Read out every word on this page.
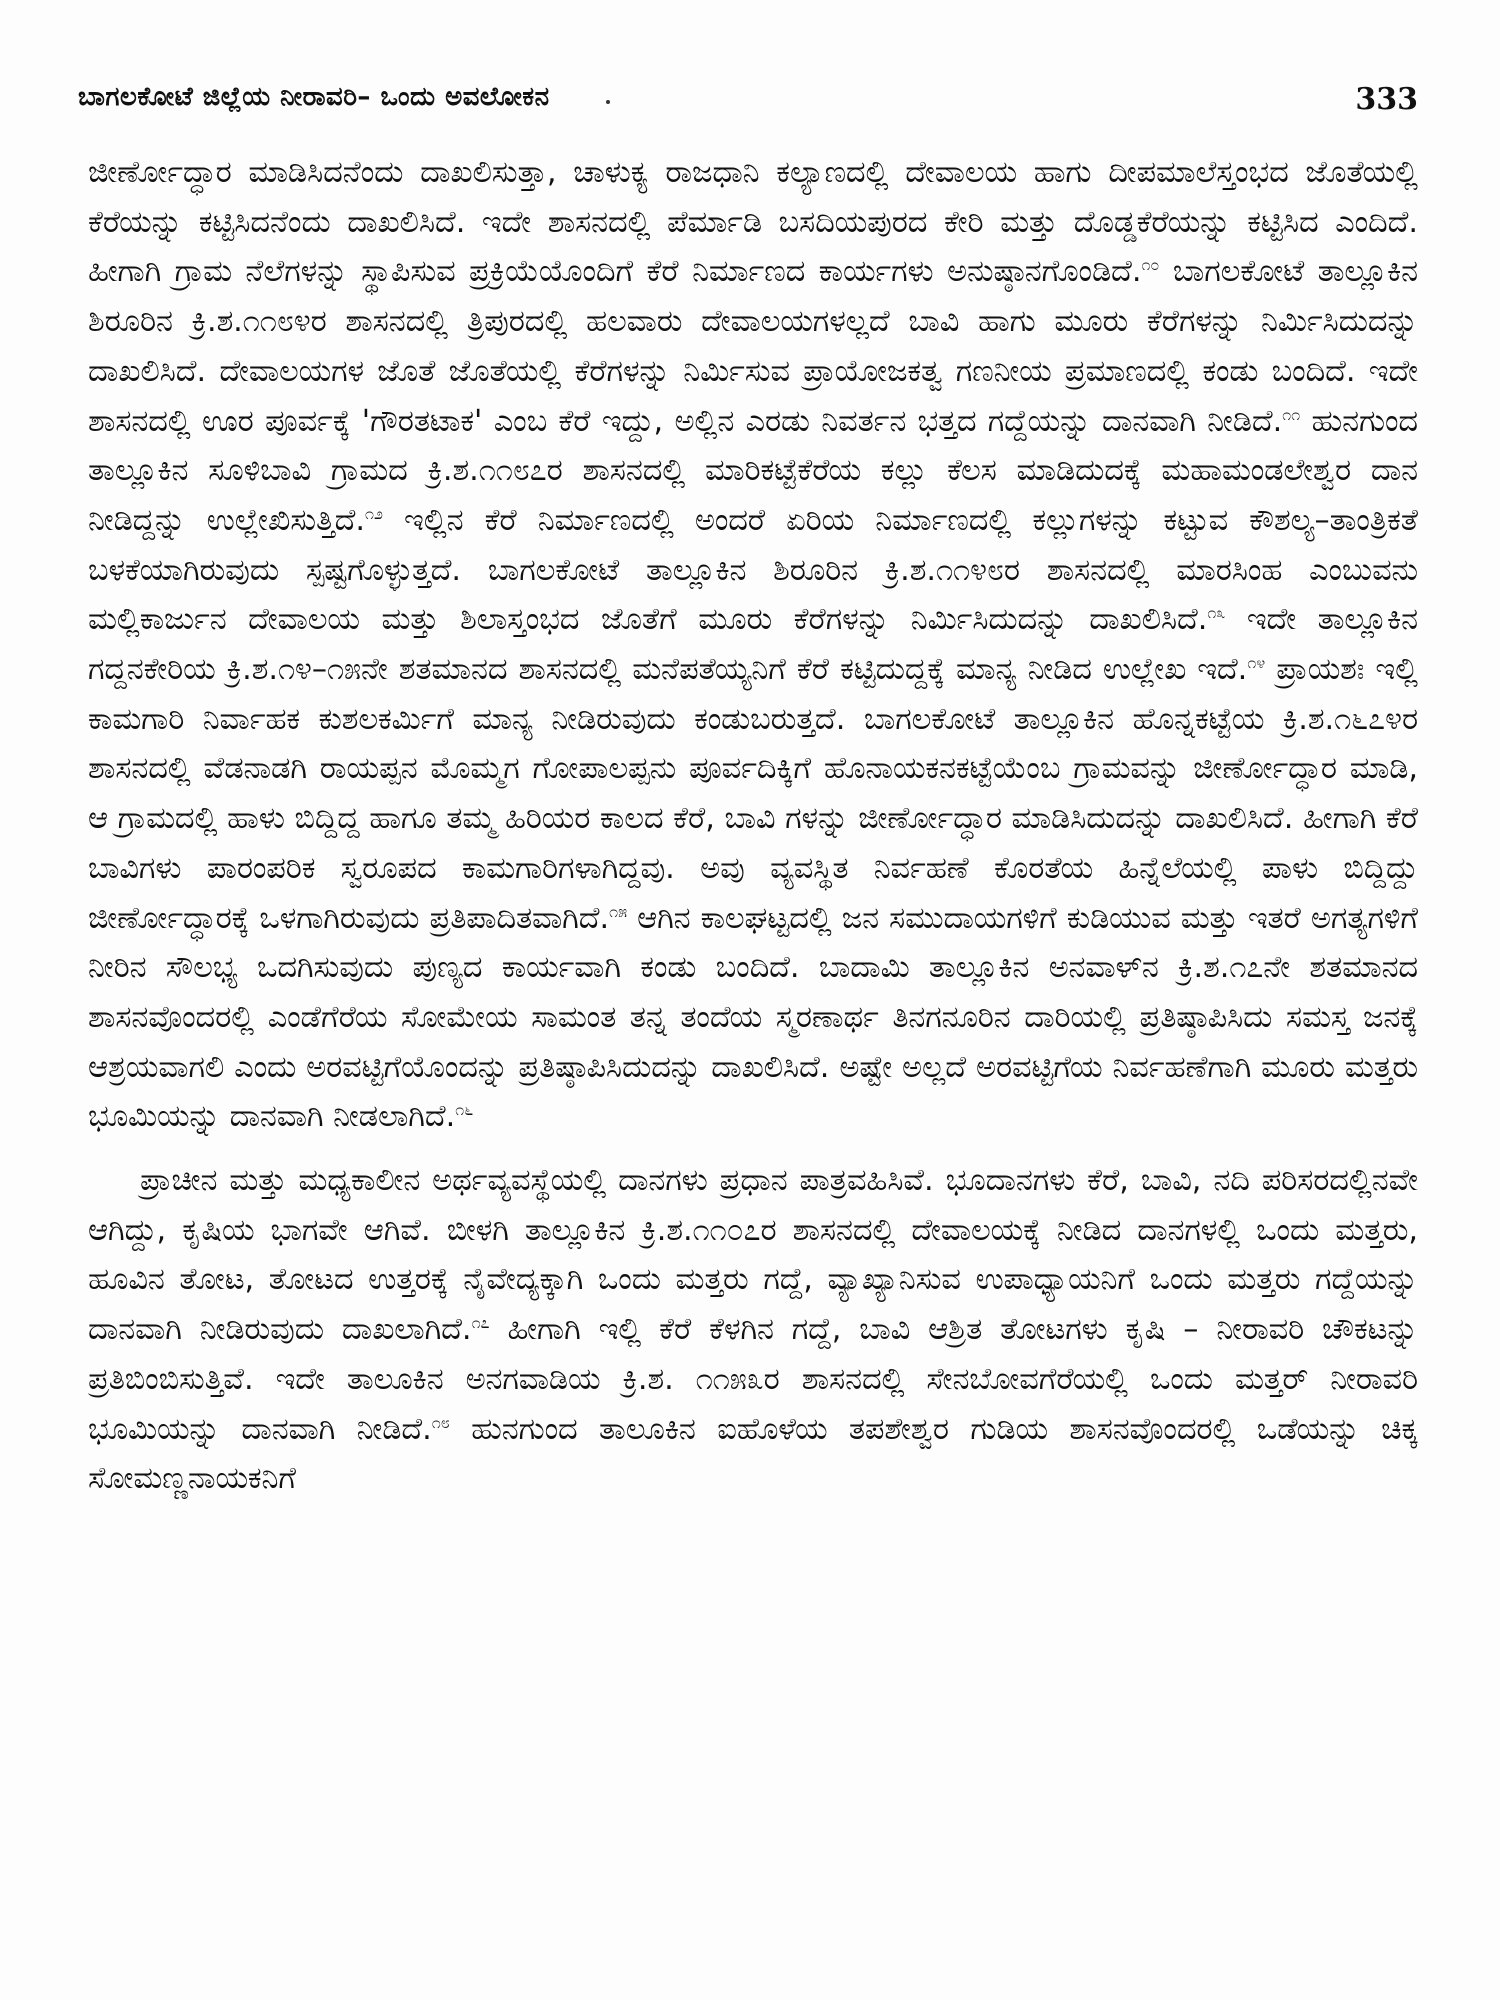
ಬಾಗಲಕೋಟೆ ಜಿಲ್ಲೆಯ ನೀರಾವರಿ– ಒಂದು ಅವಲೋಕನ	333

ಜೀರ್ಣೋದ್ಧಾರ ಮಾಡಿಸಿದನೆಂದು ದಾಖಲಿಸುತ್ತಾ, ಚಾಳುಕ್ಯ ರಾಜಧಾನಿ ಕಲ್ಯಾಣದಲ್ಲಿ ದೇವಾಲಯ ಹಾಗು ದೀಪಮಾಲೆಸ್ತಂಭದ ಜೊತೆಯಲ್ಲಿ ಕೆರೆಯನ್ನು ಕಟ್ಟಿಸಿದನೆಂದು ದಾಖಲಿಸಿದೆ. ಇದೇ ಶಾಸನದಲ್ಲಿ ಪೆರ್ಮಾಡಿ ಬಸದಿಯಪುರದ ಕೇರಿ ಮತ್ತು ದೊಡ್ಡಕೆರೆಯನ್ನು ಕಟ್ಟಿಸಿದ ಎಂದಿದೆ. ಹೀಗಾಗಿ ಗ್ರಾಮ ನೆಲೆಗಳನ್ನು ಸ್ಥಾಪಿಸುವ ಪ್ರಕ್ರಿಯೆಯೊಂದಿಗೆ ಕೆರೆ ನಿರ್ಮಾಣದ ಕಾರ್ಯಗಳು ಅನುಷ್ಠಾನಗೊಂಡಿದೆ.$^{೧೦}$ ಬಾಗಲಕೋಟೆ ತಾಲ್ಲೂಕಿನ ಶಿರೂರಿನ ಕ್ರಿ.ಶ.೧೧೮೪ರ ಶಾಸನದಲ್ಲಿ ತ್ರಿಪುರದಲ್ಲಿ ಹಲವಾರು ದೇವಾಲಯಗಳಲ್ಲದೆ ಬಾವಿ ಹಾಗು ಮೂರು ಕೆರೆಗಳನ್ನು ನಿರ್ಮಿಸಿದುದನ್ನು ದಾಖಲಿಸಿದೆ. ದೇವಾಲಯಗಳ ಜೊತೆ ಜೊತೆಯಲ್ಲಿ ಕೆರೆಗಳನ್ನು ನಿರ್ಮಿಸುವ ಪ್ರಾಯೋಜಕತ್ವ ಗಣನೀಯ ಪ್ರಮಾಣದಲ್ಲಿ ಕಂಡು ಬಂದಿದೆ. ಇದೇ ಶಾಸನದಲ್ಲಿ ಊರ ಪೂರ್ವಕ್ಕೆ 'ಗೌರತಟಾಕ' ಎಂಬ ಕೆರೆ ಇದ್ದು, ಅಲ್ಲಿನ ಎರಡು ನಿವರ್ತನ ಭತ್ತದ ಗದ್ದೆಯನ್ನು ದಾನವಾಗಿ ನೀಡಿದೆ.$^{೧೧}$ ಹುನಗುಂದ ತಾಲ್ಲೂಕಿನ ಸೂಳಿಬಾವಿ ಗ್ರಾಮದ ಕ್ರಿ.ಶ.೧೧೮೭ರ ಶಾಸನದಲ್ಲಿ ಮಾರಿಕಟ್ಟೆಕೆರೆಯ ಕಲ್ಲು ಕೆಲಸ ಮಾಡಿದುದಕ್ಕೆ ಮಹಾಮಂಡಲೇಶ್ವರ ದಾನ ನೀಡಿದ್ದನ್ನು ಉಲ್ಲೇಖಿಸುತ್ತಿದೆ.$^{೧೨}$ ಇಲ್ಲಿನ ಕೆರೆ ನಿರ್ಮಾಣದಲ್ಲಿ ಅಂದರೆ ಏರಿಯ ನಿರ್ಮಾಣದಲ್ಲಿ ಕಲ್ಲುಗಳನ್ನು ಕಟ್ಟುವ ಕೌಶಲ್ಯ–ತಾಂತ್ರಿಕತೆ ಬಳಕೆಯಾಗಿರುವುದು ಸ್ಪಷ್ಟಗೊಳ್ಳುತ್ತದೆ. ಬಾಗಲಕೋಟೆ ತಾಲ್ಲೂಕಿನ ಶಿರೂರಿನ ಕ್ರಿ.ಶ.೧೧೪೮ರ ಶಾಸನದಲ್ಲಿ ಮಾರಸಿಂಹ ಎಂಬುವನು ಮಲ್ಲಿಕಾರ್ಜುನ ದೇವಾಲಯ ಮತ್ತು ಶಿಲಾಸ್ತಂಭದ ಜೊತೆಗೆ ಮೂರು ಕೆರೆಗಳನ್ನು ನಿರ್ಮಿಸಿದುದನ್ನು ದಾಖಲಿಸಿದೆ.$^{೧೩}$ ಇದೇ ತಾಲ್ಲೂಕಿನ ಗದ್ದನಕೇರಿಯ ಕ್ರಿ.ಶ.೧೪–೧೫ನೇ ಶತಮಾನದ ಶಾಸನದಲ್ಲಿ ಮನೆಪತೆಯ್ಯನಿಗೆ ಕೆರೆ ಕಟ್ಟಿದುದ್ದಕ್ಕೆ ಮಾನ್ಯ ನೀಡಿದ ಉಲ್ಲೇಖ ಇದೆ.$^{೧೪}$ ಪ್ರಾಯಶಃ ಇಲ್ಲಿ ಕಾಮಗಾರಿ ನಿರ್ವಾಹಕ ಕುಶಲಕರ್ಮಿಗೆ ಮಾನ್ಯ ನೀಡಿರುವುದು ಕಂಡುಬರುತ್ತದೆ. ಬಾಗಲಕೋಟೆ ತಾಲ್ಲೂಕಿನ ಹೊನ್ನಕಟ್ಟೆಯ ಕ್ರಿ.ಶ.೧೬೭೪ರ ಶಾಸನದಲ್ಲಿ ವೆಡನಾಡಗಿ ರಾಯಪ್ಪನ ಮೊಮ್ಮಗ ಗೋಪಾಲಪ್ಪನು ಪೂರ್ವದಿಕ್ಕಿಗೆ ಹೊನಾಯಕನಕಟ್ಟೆಯೆಂಬ ಗ್ರಾಮವನ್ನು ಜೀರ್ಣೋದ್ಧಾರ ಮಾಡಿ, ಆ ಗ್ರಾಮದಲ್ಲಿ ಹಾಳು ಬಿದ್ದಿದ್ದ ಹಾಗೂ ತಮ್ಮ ಹಿರಿಯರ ಕಾಲದ ಕೆರೆ, ಬಾವಿ ಗಳನ್ನು ಜೀರ್ಣೋದ್ಧಾರ ಮಾಡಿಸಿದುದನ್ನು ದಾಖಲಿಸಿದೆ. ಹೀಗಾಗಿ ಕೆರೆ ಬಾವಿಗಳು ಪಾರಂಪರಿಕ ಸ್ವರೂಪದ ಕಾಮಗಾರಿಗಳಾಗಿದ್ದವು. ಅವು ವ್ಯವಸ್ಥಿತ ನಿರ್ವಹಣೆ ಕೊರತೆಯ ಹಿನ್ನೆಲೆಯಲ್ಲಿ ಪಾಳು ಬಿದ್ದಿದ್ದು ಜೀರ್ಣೋದ್ಧಾರಕ್ಕೆ ಒಳಗಾಗಿರುವುದು ಪ್ರತಿಪಾದಿತವಾಗಿದೆ.$^{೧೫}$ ಆಗಿನ ಕಾಲಘಟ್ಟದಲ್ಲಿ ಜನ ಸಮುದಾಯಗಳಿಗೆ ಕುಡಿಯುವ ಮತ್ತು ಇತರೆ ಅಗತ್ಯಗಳಿಗೆ ನೀರಿನ ಸೌಲಭ್ಯ ಒದಗಿಸುವುದು ಪುಣ್ಯದ ಕಾರ್ಯವಾಗಿ ಕಂಡು ಬಂದಿದೆ. ಬಾದಾಮಿ ತಾಲ್ಲೂಕಿನ ಅನವಾಳ್‌ನ ಕ್ರಿ.ಶ.೧೭ನೇ ಶತಮಾನದ ಶಾಸನವೊಂದರಲ್ಲಿ ಎಂಡೆಗೆರೆಯ ಸೋಮೇಯ ಸಾಮಂತ ತನ್ನ ತಂದೆಯ ಸ್ಮರಣಾರ್ಥ ತಿನಗನೂರಿನ ದಾರಿಯಲ್ಲಿ ಪ್ರತಿಷ್ಠಾಪಿಸಿದು ಸಮಸ್ತ ಜನಕ್ಕೆ ಆಶ್ರಯವಾಗಲಿ ಎಂದು ಅರವಟ್ಟಿಗೆಯೊಂದನ್ನು ಪ್ರತಿಷ್ಠಾಪಿಸಿದುದನ್ನು ದಾಖಲಿಸಿದೆ. ಅಷ್ಟೇ ಅಲ್ಲದೆ ಅರವಟ್ಟಿಗೆಯ ನಿರ್ವಹಣೆಗಾಗಿ ಮೂರು ಮತ್ತರು ಭೂಮಿಯನ್ನು ದಾನವಾಗಿ ನೀಡಲಾಗಿದೆ.$^{೧೬}$

ಪ್ರಾಚೀನ ಮತ್ತು ಮಧ್ಯಕಾಲೀನ ಅರ್ಥವ್ಯವಸ್ಥೆಯಲ್ಲಿ ದಾನಗಳು ಪ್ರಧಾನ ಪಾತ್ರವಹಿಸಿವೆ. ಭೂದಾನಗಳು ಕೆರೆ, ಬಾವಿ, ನದಿ ಪರಿಸರದಲ್ಲಿನವೇ ಆಗಿದ್ದು, ಕೃಷಿಯ ಭಾಗವೇ ಆಗಿವೆ. ಬೀಳಗಿ ತಾಲ್ಲೂಕಿನ ಕ್ರಿ.ಶ.೧೧೦೭ರ ಶಾಸನದಲ್ಲಿ ದೇವಾಲಯಕ್ಕೆ ನೀಡಿದ ದಾನಗಳಲ್ಲಿ ಒಂದು ಮತ್ತರು, ಹೂವಿನ ತೋಟ, ತೋಟದ ಉತ್ತರಕ್ಕೆ ನೈವೇದ್ಯಕ್ಕಾಗಿ ಒಂದು ಮತ್ತರು ಗದ್ದೆ, ವ್ಯಾಖ್ಯಾನಿಸುವ ಉಪಾಧ್ಯಾಯನಿಗೆ ಒಂದು ಮತ್ತರು ಗದ್ದೆಯನ್ನು ದಾನವಾಗಿ ನೀಡಿರುವುದು ದಾಖಲಾಗಿದೆ.$^{೧೭}$ ಹೀಗಾಗಿ ಇಲ್ಲಿ ಕೆರೆ ಕೆಳಗಿನ ಗದ್ದೆ, ಬಾವಿ ಆಶ್ರಿತ ತೋಟಗಳು ಕೃಷಿ – ನೀರಾವರಿ ಚೌಕಟನ್ನು ಪ್ರತಿಬಿಂಬಿಸುತ್ತಿವೆ. ಇದೇ ತಾಲೂಕಿನ ಅನಗವಾಡಿಯ ಕ್ರಿ.ಶ. ೧೧೫೩ರ ಶಾಸನದಲ್ಲಿ ಸೇನಬೋವಗೆರೆಯಲ್ಲಿ ಒಂದು ಮತ್ತರ್ ನೀರಾವರಿ ಭೂಮಿಯನ್ನು ದಾನವಾಗಿ ನೀಡಿದೆ.$^{೧೮}$ ಹುನಗುಂದ ತಾಲೂಕಿನ ಐಹೊಳೆಯ ತಪಶೇಶ್ವರ ಗುಡಿಯ ಶಾಸನವೊಂದರಲ್ಲಿ ಒಡೆಯನ್ನು ಚಿಕ್ಕ ಸೋಮಣ್ಣನಾಯಕನಿಗೆ
